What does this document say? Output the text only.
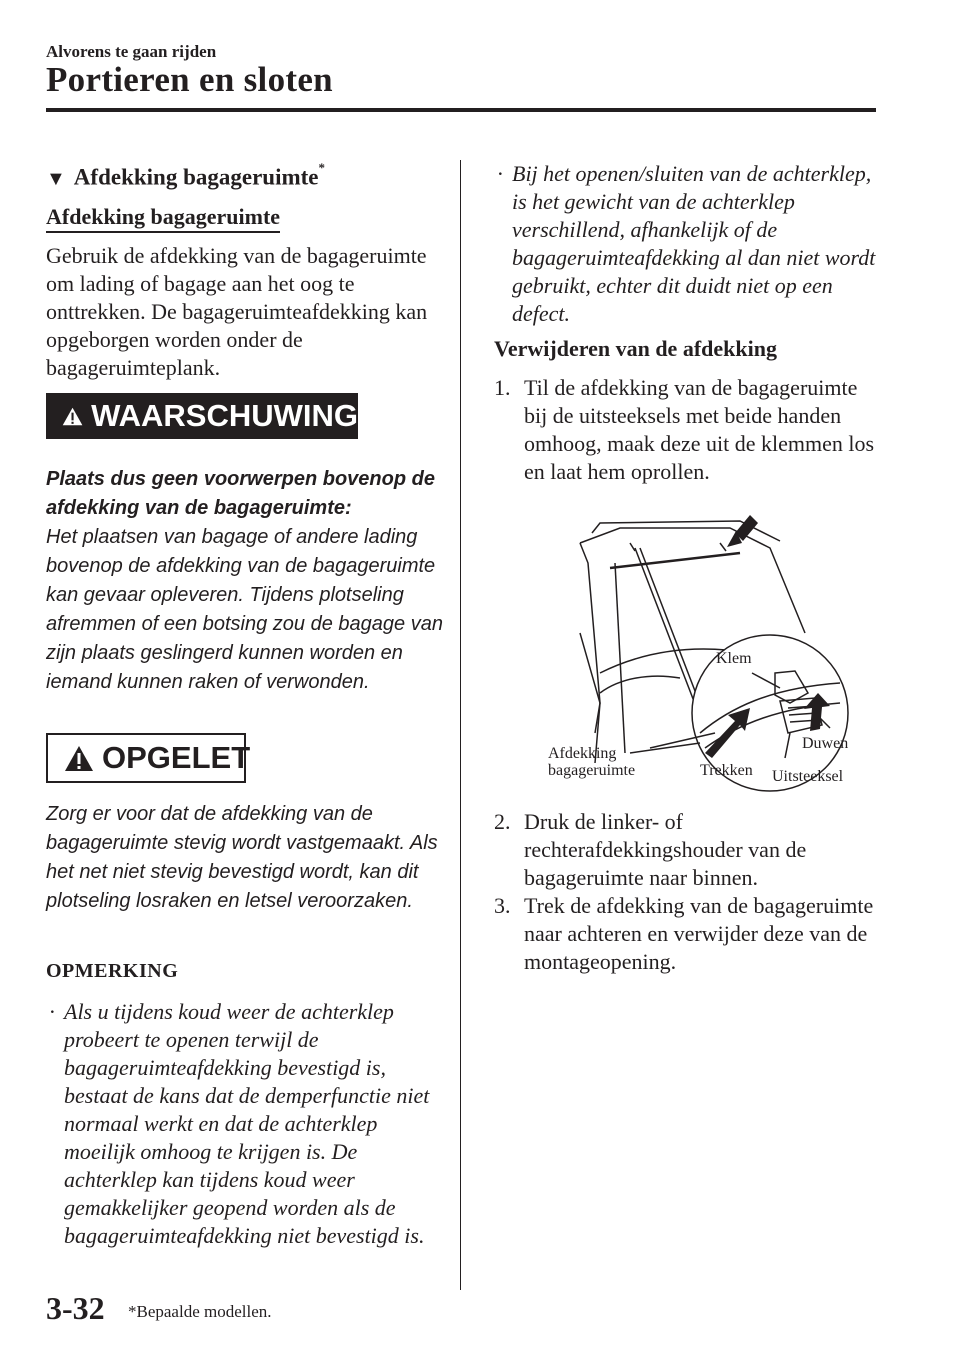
Alvorens te gaan rijden
Portieren en sloten
▼ Afdekking bagageruimte*
Afdekking bagageruimte
Gebruik de afdekking van de bagageruimte om lading of bagage aan het oog te onttrekken. De bagageruimteafdekking kan opgeborgen worden onder de bagageruimteplank.
WAARSCHUWING
Plaats dus geen voorwerpen bovenop de afdekking van de bagageruimte:
Het plaatsen van bagage of andere lading bovenop de afdekking van de bagageruimte kan gevaar opleveren. Tijdens plotseling afremmen of een botsing zou de bagage van zijn plaats geslingerd kunnen worden en iemand kunnen raken of verwonden.
OPGELET
Zorg er voor dat de afdekking van de bagageruimte stevig wordt vastgemaakt. Als het net niet stevig bevestigd wordt, kan dit plotseling losraken en letsel veroorzaken.
OPMERKING
· Als u tijdens koud weer de achterklep probeert te openen terwijl de bagageruimteafdekking bevestigd is, bestaat de kans dat de demperfunctie niet normaal werkt en dat de achterklep moeilijk omhoog te krijgen is. De achterklep kan tijdens koud weer gemakkelijker geopend worden als de bagageruimteafdekking niet bevestigd is.
· Bij het openen/sluiten van de achterklep, is het gewicht van de achterklep verschillend, afhankelijk of de bagageruimteafdekking al dan niet wordt gebruikt, echter dit duidt niet op een defect.
Verwijderen van de afdekking
1. Til de afdekking van de bagageruimte bij de uitsteeksels met beide handen omhoog, maak deze uit de klemmen los en laat hem oprollen.
Klem
Duwen
Afdekking
bagageruimte	Trekken Uitsteeksel
2. Druk de linker- of rechterafdekkingshouder van de bagageruimte naar binnen.
3. Trek de afdekking van de bagageruimte naar achteren en verwijder deze van de montageopening.
3-32 *Bepaalde modellen.
